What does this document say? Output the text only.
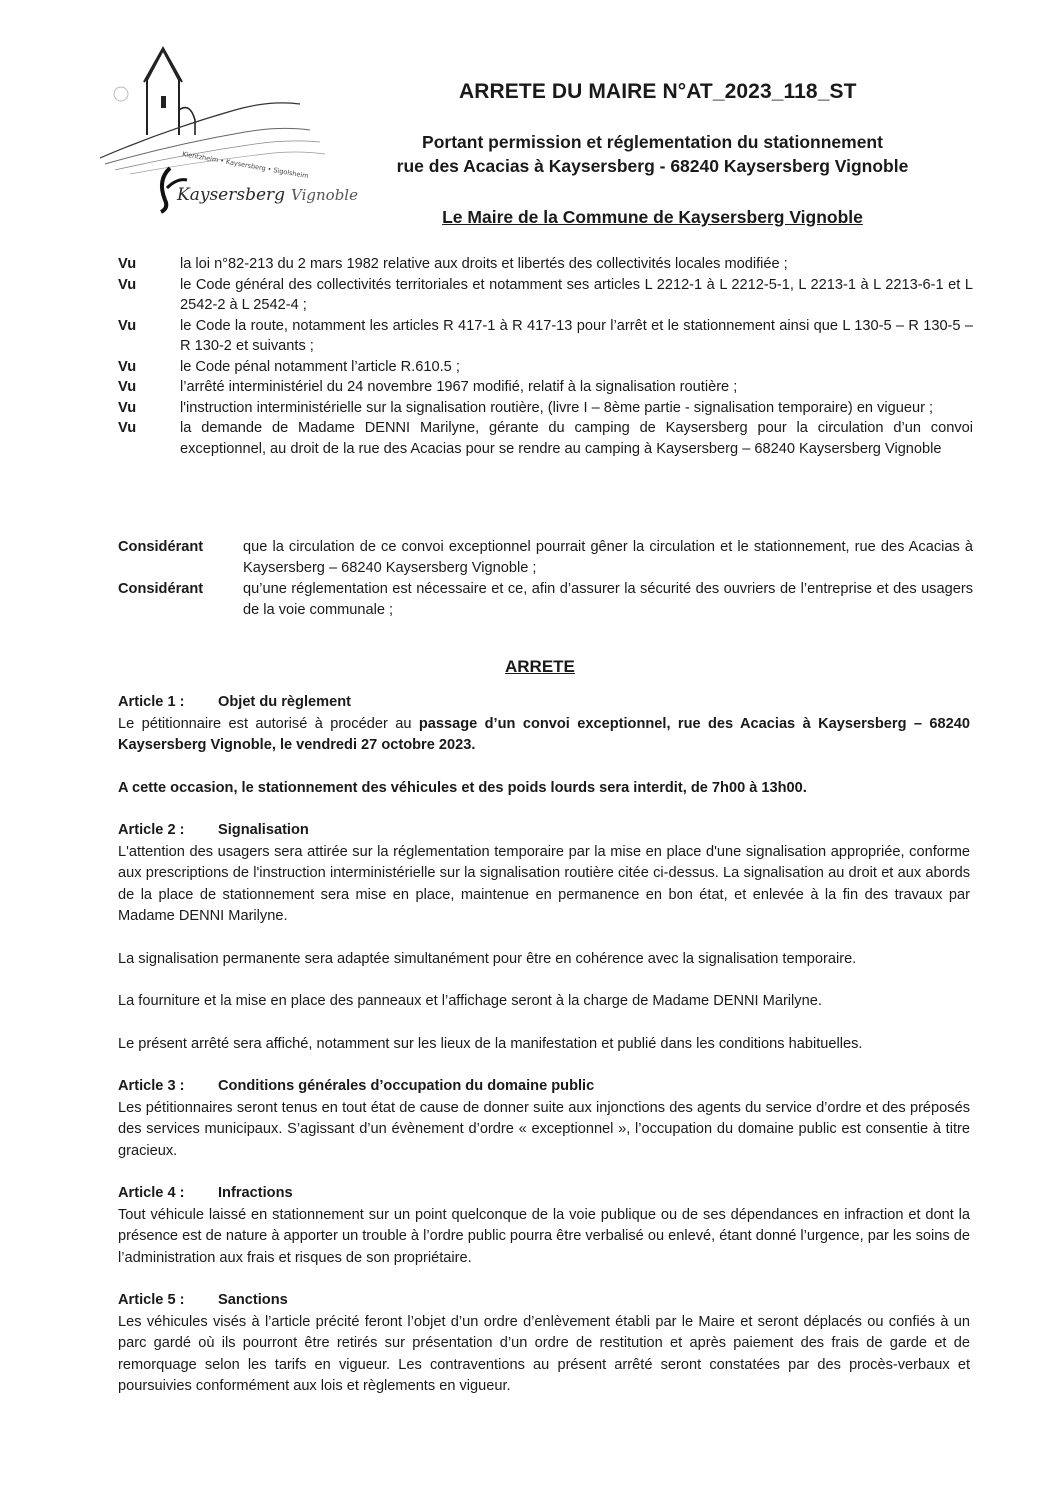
Kientzheim • Kaysersberg • Sigolsheim
Kaysersberg Vignoble
ARRETE DU MAIRE N°AT_2023_118_ST
Portant permission et réglementation du stationnement
rue des Acacias à Kaysersberg - 68240 Kaysersberg Vignoble
Le Maire de la Commune de Kaysersberg Vignoble
Vu	la loi n°82-213 du 2 mars 1982 relative aux droits et libertés des collectivités locales modifiée ;
Vu	le Code général des collectivités territoriales et notamment ses articles L 2212-1 à L 2212-5-1, L 2213-1 à L 2213-6-1 et L 2542-2 à L 2542-4 ;
Vu	le Code la route, notamment les articles R 417-1 à R 417-13 pour l’arrêt et le stationnement ainsi que L 130-5 – R 130-5 – R 130-2 et suivants ;
Vu	le Code pénal notamment l’article R.610.5 ;
Vu	l’arrêté interministériel du 24 novembre 1967 modifié, relatif à la signalisation routière ;
Vu	l'instruction interministérielle sur la signalisation routière, (livre I – 8ème partie - signalisation temporaire) en vigueur ;
Vu	la demande de Madame DENNI Marilyne, gérante du camping de Kaysersberg pour la circulation d’un convoi exceptionnel, au droit de la rue des Acacias pour se rendre au camping à Kaysersberg – 68240 Kaysersberg Vignoble
Considérant	que la circulation de ce convoi exceptionnel pourrait gêner la circulation et le stationnement, rue des Acacias à Kaysersberg – 68240 Kaysersberg Vignoble ;
Considérant	qu’une réglementation est nécessaire et ce, afin d’assurer la sécurité des ouvriers de l’entreprise et des usagers de la voie communale ;
ARRETE
Article 1 :	Objet du règlement

Le pétitionnaire est autorisé à procéder au passage d’un convoi exceptionnel, rue des Acacias à Kaysersberg – 68240 Kaysersberg Vignoble, le vendredi 27 octobre 2023.

A cette occasion, le stationnement des véhicules et des poids lourds sera interdit, de 7h00 à 13h00.

Article 2 :	Signalisation

L'attention des usagers sera attirée sur la réglementation temporaire par la mise en place d'une signalisation appropriée, conforme aux prescriptions de l'instruction interministérielle sur la signalisation routière citée ci-dessus. La signalisation au droit et aux abords de la place de stationnement sera mise en place, maintenue en permanence en bon état, et enlevée à la fin des travaux par Madame DENNI Marilyne.

La signalisation permanente sera adaptée simultanément pour être en cohérence avec la signalisation temporaire.

La fourniture et la mise en place des panneaux et l’affichage seront à la charge de Madame DENNI Marilyne.

Le présent arrêté sera affiché, notamment sur les lieux de la manifestation et publié dans les conditions habituelles.

Article 3 :	Conditions générales d’occupation du domaine public

Les pétitionnaires seront tenus en tout état de cause de donner suite aux injonctions des agents du service d’ordre et des préposés des services municipaux. S’agissant d’un évènement d’ordre « exceptionnel », l’occupation du domaine public est consentie à titre gracieux.

Article 4 :	Infractions

Tout véhicule laissé en stationnement sur un point quelconque de la voie publique ou de ses dépendances en infraction et dont la présence est de nature à apporter un trouble à l’ordre public pourra être verbalisé ou enlevé, étant donné l’urgence, par les soins de l’administration aux frais et risques de son propriétaire.

Article 5 :	Sanctions

Les véhicules visés à l’article précité feront l’objet d’un ordre d’enlèvement établi par le Maire et seront déplacés ou confiés à un parc gardé où ils pourront être retirés sur présentation d’un ordre de restitution et après paiement des frais de garde et de remorquage selon les tarifs en vigueur. Les contraventions au présent arrêté seront constatées par des procès-verbaux et poursuivies conformément aux lois et règlements en vigueur.
